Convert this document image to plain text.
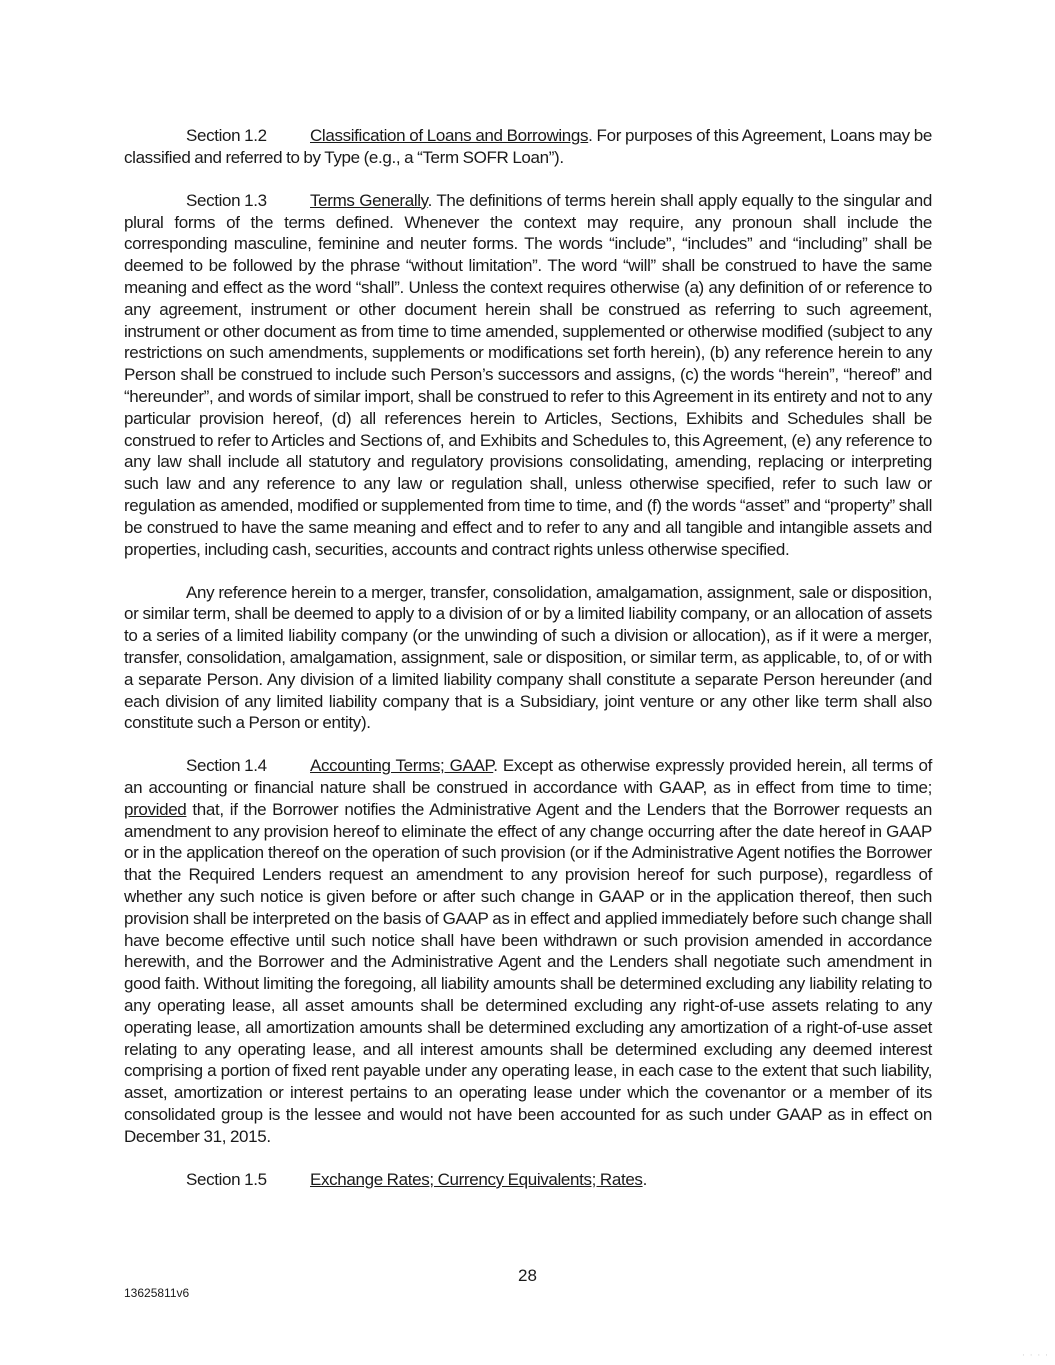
Section 1.2	Classification of Loans and Borrowings. For purposes of this Agreement, Loans may be classified and referred to by Type (e.g., a “Term SOFR Loan”).

Section 1.3	Terms Generally. The definitions of terms herein shall apply equally to the singular and plural forms of the terms defined. Whenever the context may require, any pronoun shall include the corresponding masculine, feminine and neuter forms. The words “include”, “includes” and “including” shall be deemed to be followed by the phrase “without limitation”. The word “will” shall be construed to have the same meaning and effect as the word “shall”. Unless the context requires otherwise (a) any definition of or reference to any agreement, instrument or other document herein shall be construed as referring to such agreement, instrument or other document as from time to time amended, supplemented or otherwise modified (subject to any restrictions on such amendments, supplements or modifications set forth herein), (b) any reference herein to any Person shall be construed to include such Person’s successors and assigns, (c) the words “herein”, “hereof” and “hereunder”, and words of similar import, shall be construed to refer to this Agreement in its entirety and not to any particular provision hereof, (d) all references herein to Articles, Sections, Exhibits and Schedules shall be construed to refer to Articles and Sections of, and Exhibits and Schedules to, this Agreement, (e) any reference to any law shall include all statutory and regulatory provisions consolidating, amending, replacing or interpreting such law and any reference to any law or regulation shall, unless otherwise specified, refer to such law or regulation as amended, modified or supplemented from time to time, and (f) the words “asset” and “property” shall be construed to have the same meaning and effect and to refer to any and all tangible and intangible assets and properties, including cash, securities, accounts and contract rights unless otherwise specified.

Any reference herein to a merger, transfer, consolidation, amalgamation, assignment, sale or disposition, or similar term, shall be deemed to apply to a division of or by a limited liability company, or an allocation of assets to a series of a limited liability company (or the unwinding of such a division or allocation), as if it were a merger, transfer, consolidation, amalgamation, assignment, sale or disposition, or similar term, as applicable, to, of or with a separate Person. Any division of a limited liability company shall constitute a separate Person hereunder (and each division of any limited liability company that is a Subsidiary, joint venture or any other like term shall also constitute such a Person or entity).

Section 1.4	Accounting Terms; GAAP. Except as otherwise expressly provided herein, all terms of an accounting or financial nature shall be construed in accordance with GAAP, as in effect from time to time; provided that, if the Borrower notifies the Administrative Agent and the Lenders that the Borrower requests an amendment to any provision hereof to eliminate the effect of any change occurring after the date hereof in GAAP or in the application thereof on the operation of such provision (or if the Administrative Agent notifies the Borrower that the Required Lenders request an amendment to any provision hereof for such purpose), regardless of whether any such notice is given before or after such change in GAAP or in the application thereof, then such provision shall be interpreted on the basis of GAAP as in effect and applied immediately before such change shall have become effective until such notice shall have been withdrawn or such provision amended in accordance herewith, and the Borrower and the Administrative Agent and the Lenders shall negotiate such amendment in good faith. Without limiting the foregoing, all liability amounts shall be determined excluding any liability relating to any operating lease, all asset amounts shall be determined excluding any right-of-use assets relating to any operating lease, all amortization amounts shall be determined excluding any amortization of a right-of-use asset relating to any operating lease, and all interest amounts shall be determined excluding any deemed interest comprising a portion of fixed rent payable under any operating lease, in each case to the extent that such liability, asset, amortization or interest pertains to an operating lease under which the covenantor or a member of its consolidated group is the lessee and would not have been accounted for as such under GAAP as in effect on December 31, 2015.

Section 1.5	Exchange Rates; Currency Equivalents; Rates.

28
13625811v6
· · · ·
